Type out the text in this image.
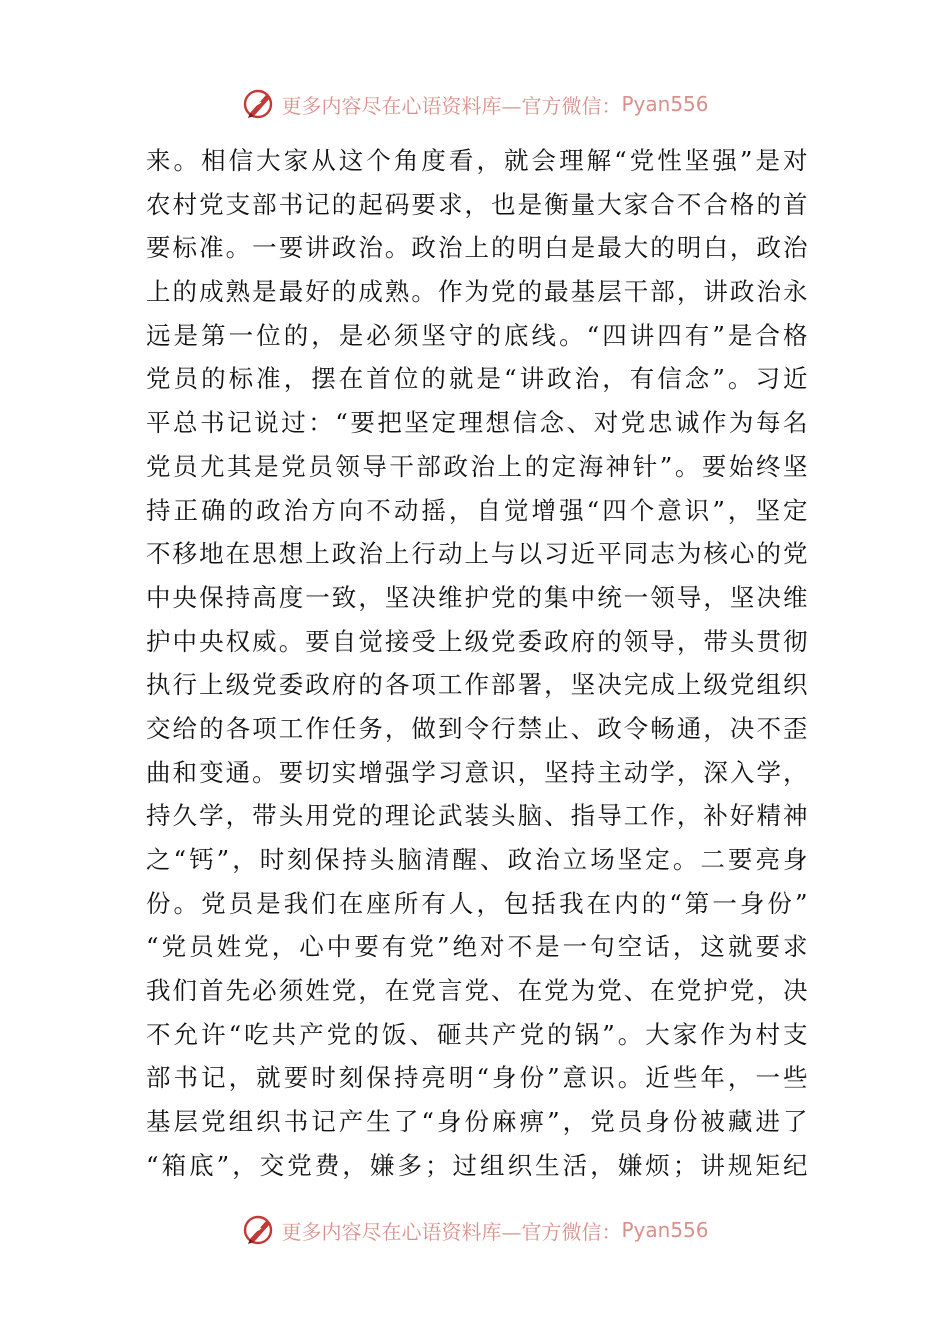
更多内容尽在心语资料库— 官方微信： Pyan556
来。相信大家从这个角度看，就会理解“党性坚强”是对
农村党支部书记的起码要求，也是衡量大家合不合格的首
要标准。一要讲政治。政治上的明白是最大的明白，政治
上的成熟是最好的成熟。作为党的最基层干部，讲政治永
远是第一位的，是必须坚守的底线。“四讲四有”是合格
党员的标准，摆在首位的就是“讲政治，有信念”。习近
平总书记说过：“要把坚定理想信念、对党忠诚作为每名
党员尤其是党员领导干部政治上的定海神针”。要始终坚
持正确的政治方向不动摇，自觉增强“四个意识”，坚定
不移地在思想上政治上行动上与以习近平同志为核心的党
中央保持高度一致，坚决维护党的集中统一领导，坚决维
护中央权威。要自觉接受上级党委政府的领导，带头贯彻
执行上级党委政府的各项工作部署，坚决完成上级党组织
交给的各项工作任务，做到令行禁止、政令畅通，决不歪
曲和变通。要切实增强学习意识，坚持主动学，深入学，
持久学，带头用党的理论武装头脑、指导工作，补好精神
之“钙”，时刻保持头脑清醒、政治立场坚定。二要亮身
份。党员是我们在座所有人，包括我在内的“第一身份”
“党员姓党，心中要有党”绝对不是一句空话，这就要求
我们首先必须姓党，在党言党、在党为党、在党护党，决
不允许“吃共产党的饭、砸共产党的锅”。大家作为村支
部书记，就要时刻保持亮明“身份”意识。近些年，一些
基层党组织书记产生了“身份麻痹”，党员身份被藏进了
“箱底”，交党费，嫌多；过组织生活，嫌烦；讲规矩纪
更多内容尽在心语资料库— 官方微信： Pyan556
